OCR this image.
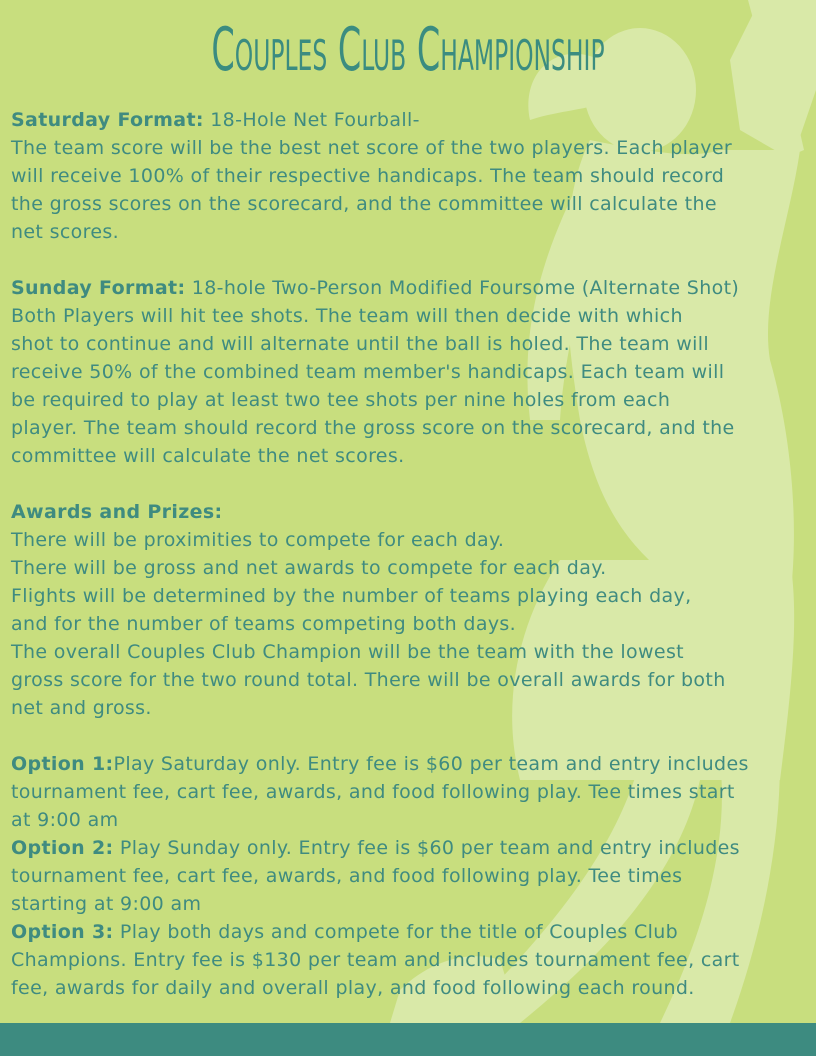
Couples Club Championship

Saturday Format: 18-Hole Net Fourball-

The team score will be the best net score of the two players. Each player

will receive 100% of their respective handicaps. The team should record

the gross scores on the scorecard, and the committee will calculate the

net scores.

Sunday Format: 18-hole Two-Person Modified Foursome (Alternate Shot)

Both Players will hit tee shots. The team will then decide with which

shot to continue and will alternate until the ball is holed. The team will

receive 50% of the combined team member's handicaps. Each team will

be required to play at least two tee shots per nine holes from each

player. The team should record the gross score on the scorecard, and the

committee will calculate the net scores.

Awards and Prizes:

There will be proximities to compete for each day.

There will be gross and net awards to compete for each day.

Flights will be determined by the number of teams playing each day,

and for the number of teams competing both days.

The overall Couples Club Champion will be the team with the lowest

gross score for the two round total. There will be overall awards for both

net and gross.

Option 1:Play Saturday only. Entry fee is $60 per team and entry includes

tournament fee, cart fee, awards, and food following play. Tee times start

at 9:00 am

Option 2: Play Sunday only. Entry fee is $60 per team and entry includes

tournament fee, cart fee, awards, and food following play. Tee times

starting at 9:00 am

Option 3: Play both days and compete for the title of Couples Club

Champions. Entry fee is $130 per team and includes tournament fee, cart

fee, awards for daily and overall play, and food following each round.
